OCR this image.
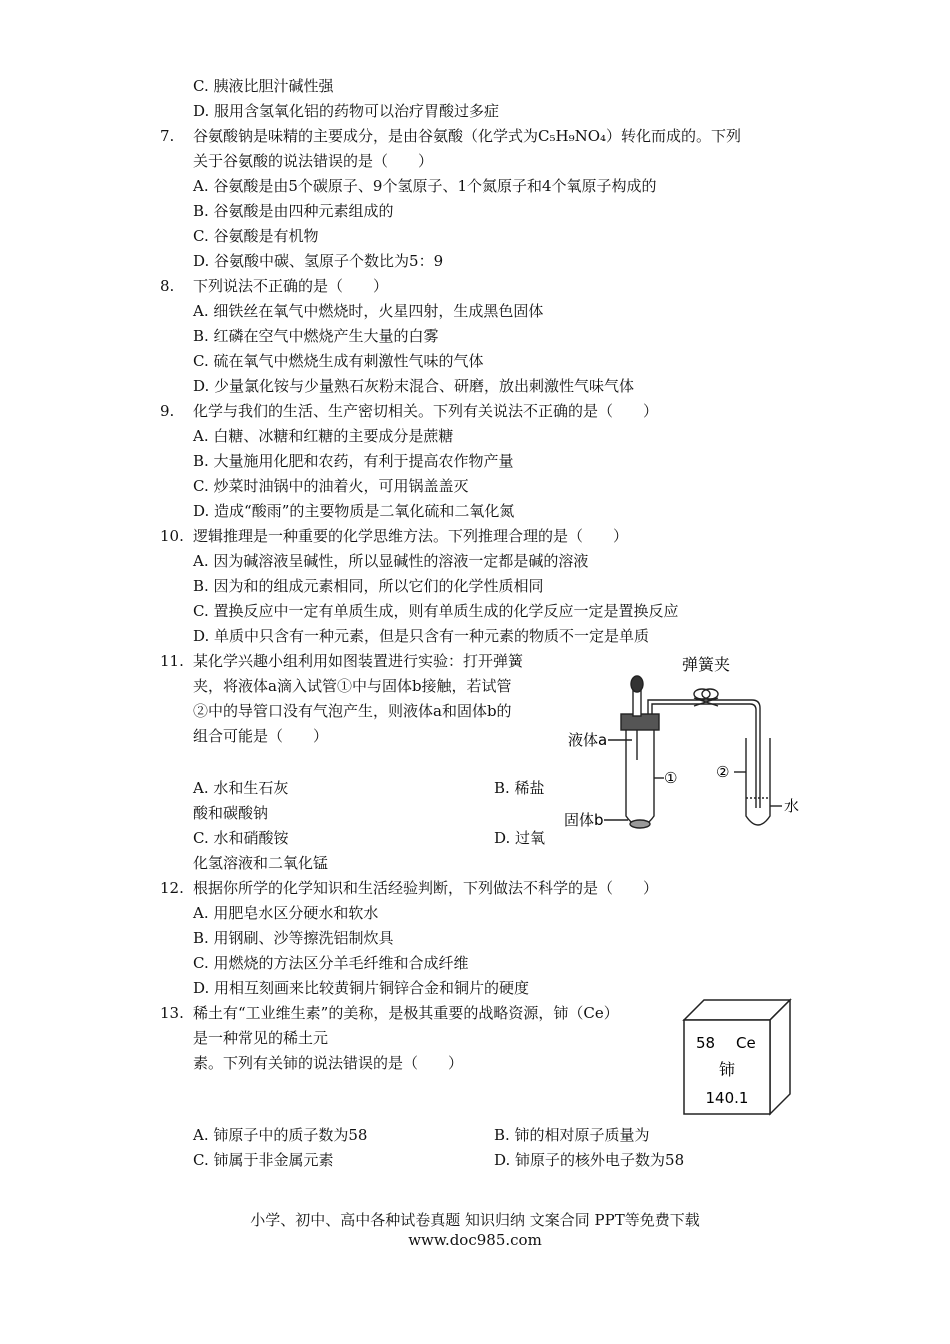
C. 胰液比胆汁碱性强
D. 服用含氢氧化铝的药物可以治疗胃酸过多症
7. 谷氨酸钠是味精的主要成分，是由谷氨酸（化学式为C₅H₉NO₄）转化而成的。下列
关于谷氨酸的说法错误的是（　　）
A. 谷氨酸是由5个碳原子、9个氢原子、1个氮原子和4个氧原子构成的
B. 谷氨酸是由四种元素组成的
C. 谷氨酸是有机物
D. 谷氨酸中碳、氢原子个数比为5：9
8. 下列说法不正确的是（　　）
A. 细铁丝在氧气中燃烧时，火星四射，生成黑色固体
B. 红磷在空气中燃烧产生大量的白雾
C. 硫在氧气中燃烧生成有刺激性气味的气体
D. 少量氯化铵与少量熟石灰粉末混合、研磨，放出刺激性气味气体
9. 化学与我们的生活、生产密切相关。下列有关说法不正确的是（　　）
A. 白糖、冰糖和红糖的主要成分是蔗糖
B. 大量施用化肥和农药，有利于提高农作物产量
C. 炒菜时油锅中的油着火，可用锅盖盖灭
D. 造成“酸雨”的主要物质是二氧化硫和二氧化氮
10. 逻辑推理是一种重要的化学思维方法。下列推理合理的是（　　）
A. 因为碱溶液呈碱性，所以显碱性的溶液一定都是碱的溶液
B. 因为和的组成元素相同，所以它们的化学性质相同
C. 置换反应中一定有单质生成，则有单质生成的化学反应一定是置换反应
D. 单质中只含有一种元素，但是只含有一种元素的物质不一定是单质
11. 某化学兴趣小组利用如图装置进行实验：打开弹簧
夹，将液体a滴入试管①中与固体b接触，若试管
②中的导管口没有气泡产生，则液体a和固体b的
组合可能是（　　）
A. 水和生石灰	B. 稀盐
酸和碳酸钠
C. 水和硝酸铵	D. 过氧
化氢溶液和二氧化锰
弹簧夹
液体a
①	②
水
固体b
12. 根据你所学的化学知识和生活经验判断，下列做法不科学的是（　　）
A. 用肥皂水区分硬水和软水
B. 用钢刷、沙等擦洗铝制炊具
C. 用燃烧的方法区分羊毛纤维和合成纤维
D. 用相互刻画来比较黄铜片铜锌合金和铜片的硬度
13. 稀土有“工业维生素”的美称，是极其重要的战略资源，铈（Ce）
是一种常见的稀土元
素。下列有关铈的说法错误的是（　　）
58 Ce
铈
140.1
A. 铈原子中的质子数为58	B. 铈的相对原子质量为
C. 铈属于非金属元素	D. 铈原子的核外电子数为58
小学、初中、高中各种试卷真题 知识归纳 文案合同 PPT等免费下载
www.doc985.com
